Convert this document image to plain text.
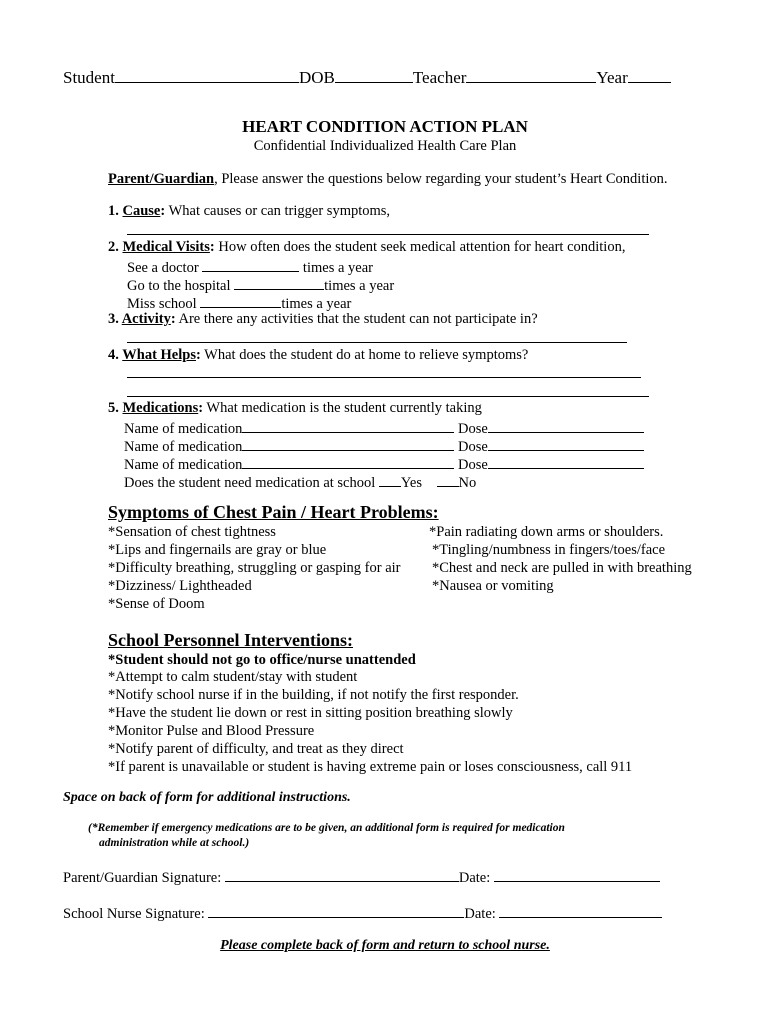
Student	DOB	Teacher	Year
HEART CONDITION ACTION PLAN
Confidential Individualized Health Care Plan
Parent/Guardian, Please answer the questions below regarding your student’s Heart Condition.
1. Cause: What causes or can trigger symptoms,
2. Medical Visits: How often does the student seek medical attention for heart condition,
See a doctor	times a year
Go to the hospital	times a year
Miss school	times a year
3. Activity: Are there any activities that the student can not participate in?
4. What Helps: What does the student do at home to relieve symptoms?
5. Medications: What medication is the student currently taking
Name of medication	Dose
Name of medication	Dose
Name of medication	Dose
Does the student need medication at school Yes	No
Symptoms of Chest Pain / Heart Problems:
*Sensation of chest tightness
*Lips and fingernails are gray or blue
*Difficulty breathing, struggling or gasping for air
*Dizziness/ Lightheaded
*Sense of Doom
*Pain radiating down arms or shoulders.
*Tingling/numbness in fingers/toes/face
*Chest and neck are pulled in with breathing
*Nausea or vomiting
School Personnel Interventions:
*Student should not go to office/nurse unattended
*Attempt to calm student/stay with student
*Notify school nurse if in the building, if not notify the first responder.
*Have the student lie down or rest in sitting position breathing slowly
*Monitor Pulse and Blood Pressure
*Notify parent of difficulty, and treat as they direct
*If parent is unavailable or student is having extreme pain or loses consciousness, call 911
Space on back of form for additional instructions.
(*Remember if emergency medications are to be given, an additional form is required for medication
administration while at school.)
Parent/Guardian Signature:	Date:
School Nurse Signature:	Date:
Please complete back of form and return to school nurse.
